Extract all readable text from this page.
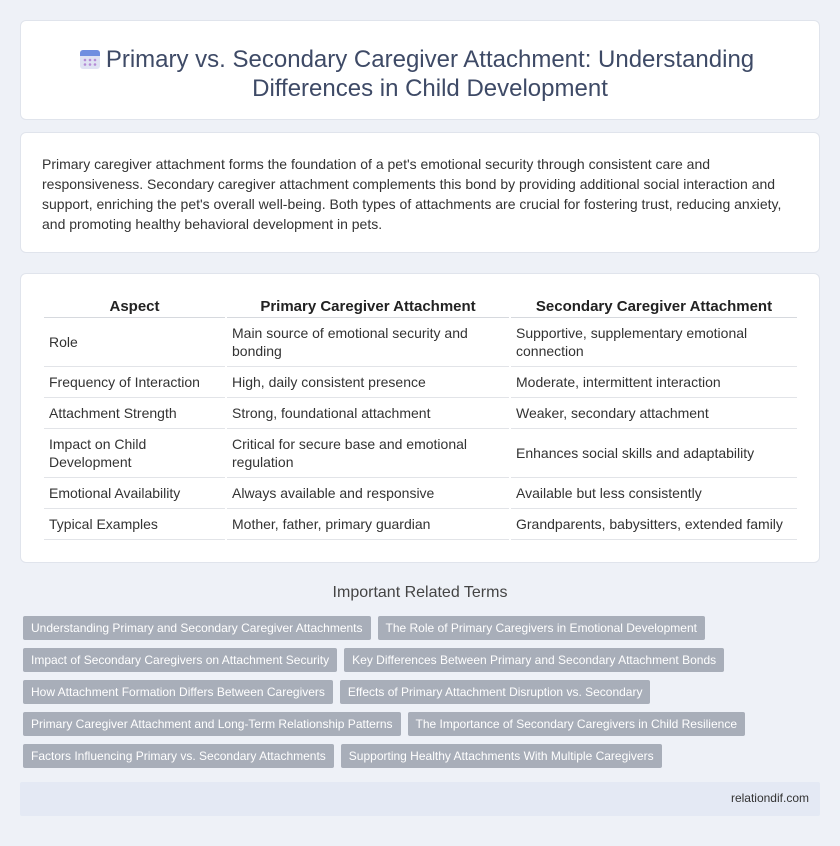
Primary vs. Secondary Caregiver Attachment: Understanding Differences in Child Development

Primary caregiver attachment forms the foundation of a pet's emotional security through consistent care and responsiveness. Secondary caregiver attachment complements this bond by providing additional social interaction and support, enriching the pet's overall well-being. Both types of attachments are crucial for fostering trust, reducing anxiety, and promoting healthy behavioral development in pets.

Aspect	Primary Caregiver Attachment	Secondary Caregiver Attachment
Role	Main source of emotional security and bonding	Supportive, supplementary emotional connection
Frequency of Interaction	High, daily consistent presence	Moderate, intermittent interaction
Attachment Strength	Strong, foundational attachment	Weaker, secondary attachment
Impact on Child Development	Critical for secure base and emotional regulation	Enhances social skills and adaptability
Emotional Availability	Always available and responsive	Available but less consistently
Typical Examples	Mother, father, primary guardian	Grandparents, babysitters, extended family
Important Related Terms
Understanding Primary and Secondary Caregiver Attachments	The Role of Primary Caregivers in Emotional Development
Impact of Secondary Caregivers on Attachment Security	Key Differences Between Primary and Secondary Attachment Bonds
How Attachment Formation Differs Between Caregivers	Effects of Primary Attachment Disruption vs. Secondary
Primary Caregiver Attachment and Long-Term Relationship Patterns	The Importance of Secondary Caregivers in Child Resilience
Factors Influencing Primary vs. Secondary Attachments	Supporting Healthy Attachments With Multiple Caregivers
relationdif.com
